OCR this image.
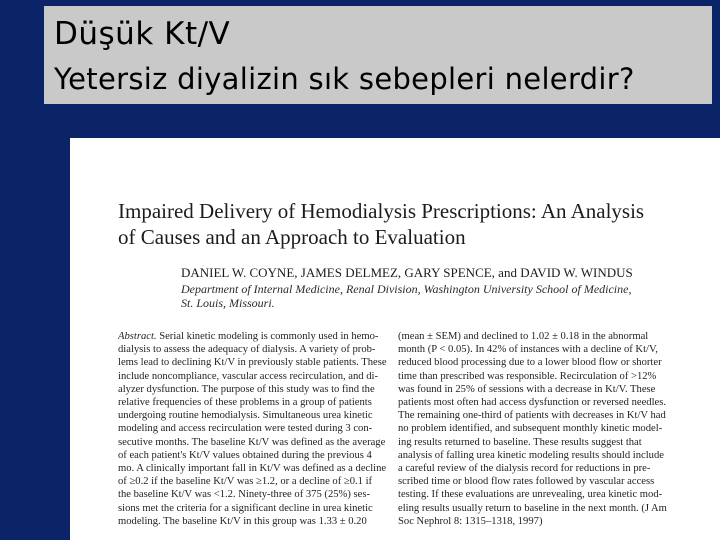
Düşük Kt/V
Yetersiz diyalizin sık sebepleri nelerdir?
Impaired Delivery of Hemodialysis Prescriptions: An Analysis
of Causes and an Approach to Evaluation
DANIEL W. COYNE, JAMES DELMEZ, GARY SPENCE, and DAVID W. WINDUS
Department of Internal Medicine, Renal Division, Washington University School of Medicine,
St. Louis, Missouri.
Abstract. Serial kinetic modeling is commonly used in hemo-
dialysis to assess the adequacy of dialysis. A variety of prob-
lems lead to declining Kt/V in previously stable patients. These
include noncompliance, vascular access recirculation, and di-
alyzer dysfunction. The purpose of this study was to find the
relative frequencies of these problems in a group of patients
undergoing routine hemodialysis. Simultaneous urea kinetic
modeling and access recirculation were tested during 3 con-
secutive months. The baseline Kt/V was defined as the average
of each patient's Kt/V values obtained during the previous 4
mo. A clinically important fall in Kt/V was defined as a decline
of ≥0.2 if the baseline Kt/V was ≥1.2, or a decline of ≥0.1 if
the baseline Kt/V was <1.2. Ninety-three of 375 (25%) ses-
sions met the criteria for a significant decline in urea kinetic
modeling. The baseline Kt/V in this group was 1.33 ± 0.20
(mean ± SEM) and declined to 1.02 ± 0.18 in the abnormal
month (P < 0.05). In 42% of instances with a decline of Kt/V,
reduced blood processing due to a lower blood flow or shorter
time than prescribed was responsible. Recirculation of >12%
was found in 25% of sessions with a decrease in Kt/V. These
patients most often had access dysfunction or reversed needles.
The remaining one-third of patients with decreases in Kt/V had
no problem identified, and subsequent monthly kinetic model-
ing results returned to baseline. These results suggest that
analysis of falling urea kinetic modeling results should include
a careful review of the dialysis record for reductions in pre-
scribed time or blood flow rates followed by vascular access
testing. If these evaluations are unrevealing, urea kinetic mod-
eling results usually return to baseline in the next month. (J Am
Soc Nephrol 8: 1315–1318, 1997)
